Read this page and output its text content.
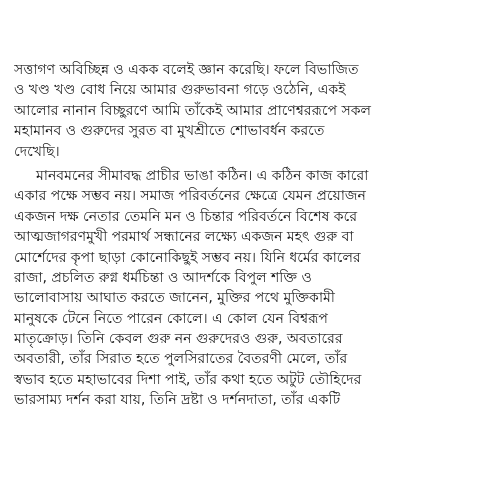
সত্তাগণ অবিচ্ছিন্ন ও একক বলেই জ্ঞান করেছি। ফলে বিভাজিত
ও খণ্ড খণ্ড বোধ নিয়ে আমার গুরুভাবনা গড়ে ওঠেনি, একই
আলোর নানান বিচ্ছুরণে আমি তাঁকেই আমার প্রাণেশ্বররূপে সকল
মহামানব ও গুরুদের সুরত বা মুখশ্রীতে শোভাবর্ধন করতে
দেখেছি।
মানবমনের সীমাবদ্ধ প্রাচীর ভাঙা কঠিন। এ কঠিন কাজ কারো
একার পক্ষে সম্ভব নয়। সমাজ পরিবর্তনের ক্ষেত্রে যেমন প্রয়োজন
একজন দক্ষ নেতার তেমনি মন ও চিন্তার পরিবর্তনে বিশেষ করে
আত্মজাগরণমুখী পরমার্থ সন্ধানের লক্ষ্যে একজন মহৎ গুরু বা
মোর্শেদের কৃপা ছাড়া কোনোকিছুই সম্ভব নয়। যিনি ধর্মের কালের
রাজা, প্রচলিত রুগ্ন ধর্মচিন্তা ও আদর্শকে বিপুল শক্তি ও
ভালোবাসায় আঘাত করতে জানেন, মুক্তির পথে মুক্তিকামী
মানুষকে টেনে নিতে পারেন কোলে। এ কোল যেন বিশ্বরূপ
মাতৃক্রোড়। তিনি কেবল গুরু নন গুরুদেরও গুরু, অবতারের
অবতারী, তাঁর সিরাত হতে পুলসিরাতের বৈতরণী মেলে, তাঁর
স্বভাব হতে মহাভাবের দিশা পাই, তাঁর কথা হতে অটুট তৌহিদের
ভারসাম্য দর্শন করা যায়, তিনি দ্রষ্টা ও দর্শনদাতা, তাঁর একটি
